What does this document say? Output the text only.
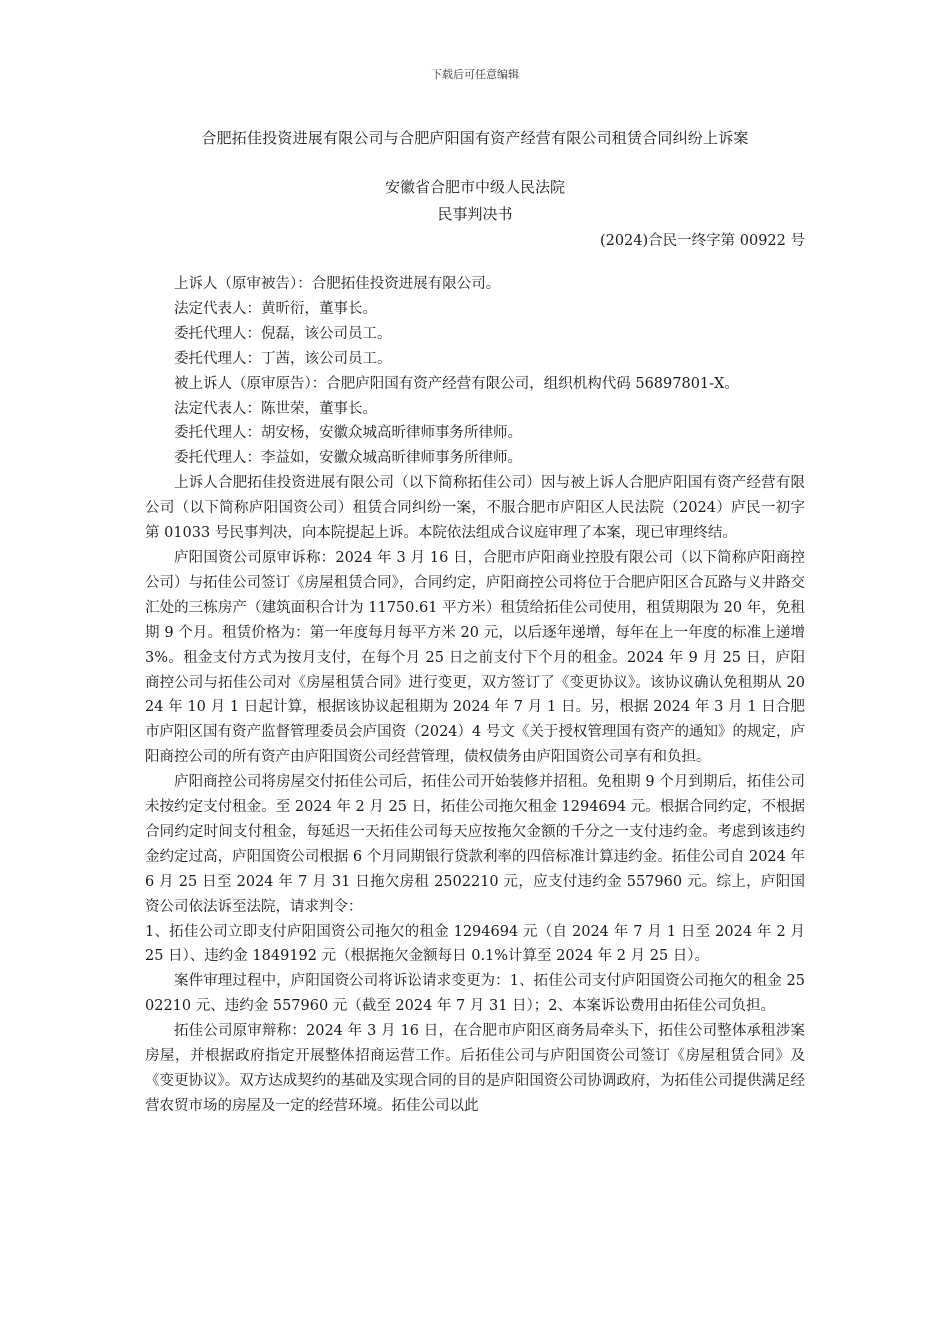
下载后可任意编辑
合肥拓佳投资进展有限公司与合肥庐阳国有资产经营有限公司租赁合同纠纷上诉案
安徽省合肥市中级人民法院
民事判决书
(2024)合民一终字第 00922 号

上诉人（原审被告）：合肥拓佳投资进展有限公司。

法定代表人：黄昕衍，董事长。

委托代理人：倪磊，该公司员工。

委托代理人：丁茜，该公司员工。

被上诉人（原审原告）：合肥庐阳国有资产经营有限公司，组织机构代码 56897801-X。

法定代表人：陈世荣，董事长。

委托代理人：胡安杨，安徽众城高昕律师事务所律师。

委托代理人：李益如，安徽众城高昕律师事务所律师。

上诉人合肥拓佳投资进展有限公司（以下简称拓佳公司）因与被上诉人合肥庐阳国有资产经营有限公司（以下简称庐阳国资公司）租赁合同纠纷一案，不服合肥市庐阳区人民法院（2024）庐民一初字第 01033 号民事判决，向本院提起上诉。本院依法组成合议庭审理了本案，现已审理终结。

庐阳国资公司原审诉称：2024 年 3 月 16 日，合肥市庐阳商业控股有限公司（以下简称庐阳商控公司）与拓佳公司签订《房屋租赁合同》，合同约定，庐阳商控公司将位于合肥庐阳区合瓦路与义井路交汇处的三栋房产（建筑面积合计为 11750.61 平方米）租赁给拓佳公司使用，租赁期限为 20 年，免租期 9 个月。租赁价格为：第一年度每月每平方米 20 元，以后逐年递增，每年在上一年度的标准上递增 3%。租金支付方式为按月支付，在每个月 25 日之前支付下个月的租金。2024 年 9 月 25 日，庐阳商控公司与拓佳公司对《房屋租赁合同》进行变更，双方签订了《变更协议》。该协议确认免租期从 2024 年 10 月 1 日起计算，根据该协议起租期为 2024 年 7 月 1 日。另，根据 2024 年 3 月 1 日合肥市庐阳区国有资产监督管理委员会庐国资（2024）4 号文《关于授权管理国有资产的通知》的规定，庐阳商控公司的所有资产由庐阳国资公司经营管理，债权债务由庐阳国资公司享有和负担。

庐阳商控公司将房屋交付拓佳公司后，拓佳公司开始装修并招租。免租期 9 个月到期后，拓佳公司未按约定支付租金。至 2024 年 2 月 25 日，拓佳公司拖欠租金 1294694 元。根据合同约定，不根据合同约定时间支付租金，每延迟一天拓佳公司每天应按拖欠金额的千分之一支付违约金。考虑到该违约金约定过高，庐阳国资公司根据 6 个月同期银行贷款利率的四倍标准计算违约金。拓佳公司自 2024 年 6 月 25 日至 2024 年 7 月 31 日拖欠房租 2502210 元，应支付违约金 557960 元。综上，庐阳国资公司依法诉至法院，请求判令：

1、拓佳公司立即支付庐阳国资公司拖欠的租金 1294694 元（自 2024 年 7 月 1 日至 2024 年 2 月 25 日）、违约金 1849192 元（根据拖欠金额每日 0.1%计算至 2024 年 2 月 25 日）。

案件审理过程中，庐阳国资公司将诉讼请求变更为：1、拓佳公司支付庐阳国资公司拖欠的租金 2502210 元、违约金 557960 元（截至 2024 年 7 月 31 日）；2、本案诉讼费用由拓佳公司负担。

拓佳公司原审辩称：2024 年 3 月 16 日，在合肥市庐阳区商务局牵头下，拓佳公司整体承租涉案房屋，并根据政府指定开展整体招商运营工作。后拓佳公司与庐阳国资公司签订《房屋租赁合同》及《变更协议》。双方达成契约的基础及实现合同的目的是庐阳国资公司协调政府，为拓佳公司提供满足经营农贸市场的房屋及一定的经营环境。拓佳公司以此
